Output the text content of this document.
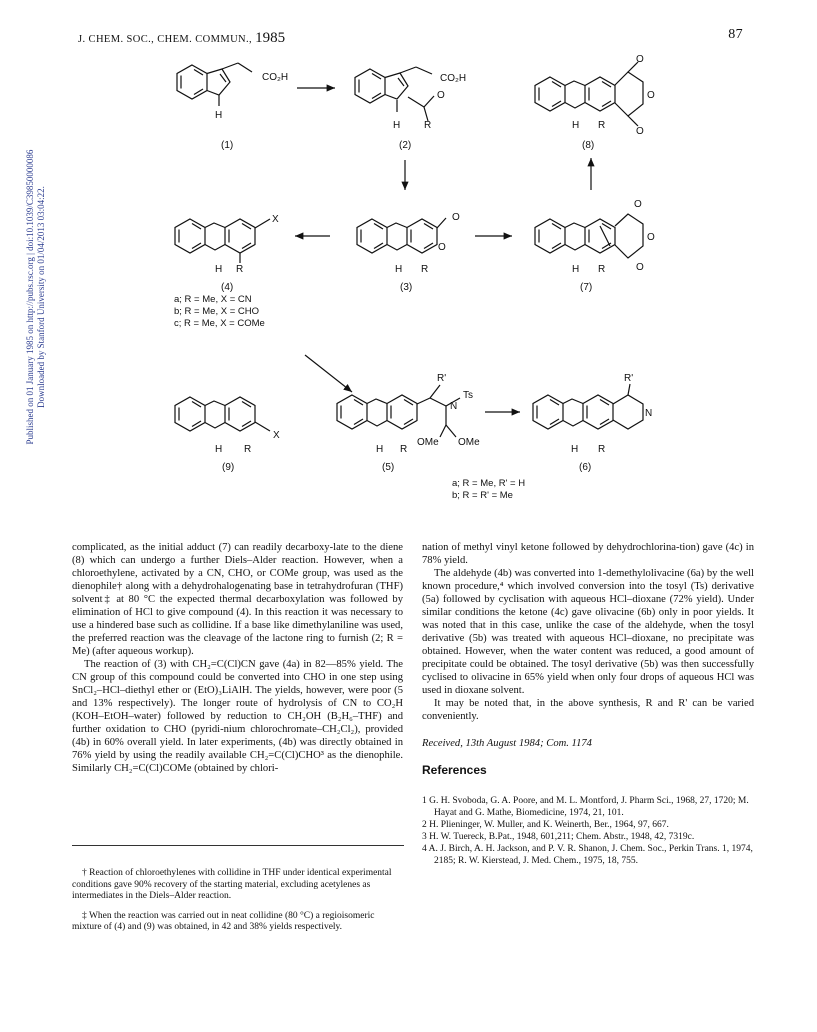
J. CHEM. SOC., CHEM. COMMUN., 1985	87
Published on 01 January 1985 on http://pubs.rsc.org | doi:10.1039/C39850000086 Downloaded by Stanford University on 01/04/2013 03:04:22.
CO₂H
H
(1)
CO₂H
O
H R
(2)
O
O
O
H R
(8)
X
H R
(4)
a; R = Me, X = CN
b; R = Me, X = CHO
c; R = Me, X = COMe
O
O
H R
(3)
O
O
O
H R
(7)
X
H R
(9)
R'
N
Ts
OMe OMe
H R
(5)
R'
N
H R
(6)
a; R = Me, R' = H
b; R = R' = Me

complicated, as the initial adduct (7) can readily decarboxy-late to the diene (8) which can undergo a further Diels–Alder reaction. However, when a chloroethylene, activated by a CN, CHO, or COMe group, was used as the dienophile† along with a dehydrohalogenating base in tetrahydrofuran (THF) solvent‡ at 80 °C the expected thermal decarboxylation was followed by elimination of HCl to give compound (4). In this reaction it was necessary to use a hindered base such as collidine. If a base like dimethylaniline was used, the preferred reaction was the cleavage of the lactone ring to furnish (2; R = Me) (after aqueous workup).

The reaction of (3) with CH₂=C(Cl)CN gave (4a) in 82—85% yield. The CN group of this compound could be converted into CHO in one step using SnCl₂–HCl–diethyl ether or (EtO)₃LiAlH. The yields, however, were poor (5 and 13% respectively). The longer route of hydrolysis of CN to CO₂H (KOH–EtOH–water) followed by reduction to CH₂OH (B₂H₆–THF) and further oxidation to CHO (pyridi-nium chlorochromate–CH₂Cl₂), provided (4b) in 60% overall yield. In later experiments, (4b) was directly obtained in 76% yield by using the readily available CH₂=C(Cl)CHO³ as the dienophile. Similarly CH₂=C(Cl)COMe (obtained by chlori-

nation of methyl vinyl ketone followed by dehydrochlorina-tion) gave (4c) in 78% yield.

The aldehyde (4b) was converted into 1-demethylolivacine (6a) by the well known procedure,⁴ which involved conversion into the tosyl (Ts) derivative (5a) followed by cyclisation with aqueous HCl–dioxane (72% yield). Under similar conditions the ketone (4c) gave olivacine (6b) only in poor yields. It was noted that in this case, unlike the case of the aldehyde, when the tosyl derivative (5b) was treated with aqueous HCl–dioxane, no precipitate was obtained. However, when the water content was reduced, a good amount of precipitate could be obtained. The tosyl derivative (5b) was then successfully cyclised to olivacine in 65% yield when only four drops of aqueous HCl was used in dioxane solvent.

It may be noted that, in the above synthesis, R and R' can be varied conveniently.

Received, 13th August 1984; Com. 1174

References

1 G. H. Svoboda, G. A. Poore, and M. L. Montford, J. Pharm Sci., 1968, 27, 1720; M. Hayat and G. Mathe, Biomedicine, 1974, 21, 101.

2 H. Plieninger, W. Muller, and K. Weinerth, Ber., 1964, 97, 667.

3 H. W. Tuereck, B.Pat., 1948, 601,211; Chem. Abstr., 1948, 42, 7319c.

4 A. J. Birch, A. H. Jackson, and P. V. R. Shanon, J. Chem. Soc., Perkin Trans. 1, 1974, 2185; R. W. Kierstead, J. Med. Chem., 1975, 18, 755.

† Reaction of chloroethylenes with collidine in THF under identical experimental conditions gave 90% recovery of the starting material, excluding acetylenes as intermediates in the Diels–Alder reaction.

‡ When the reaction was carried out in neat collidine (80 °C) a regioisomeric mixture of (4) and (9) was obtained, in 42 and 38% yields respectively.
